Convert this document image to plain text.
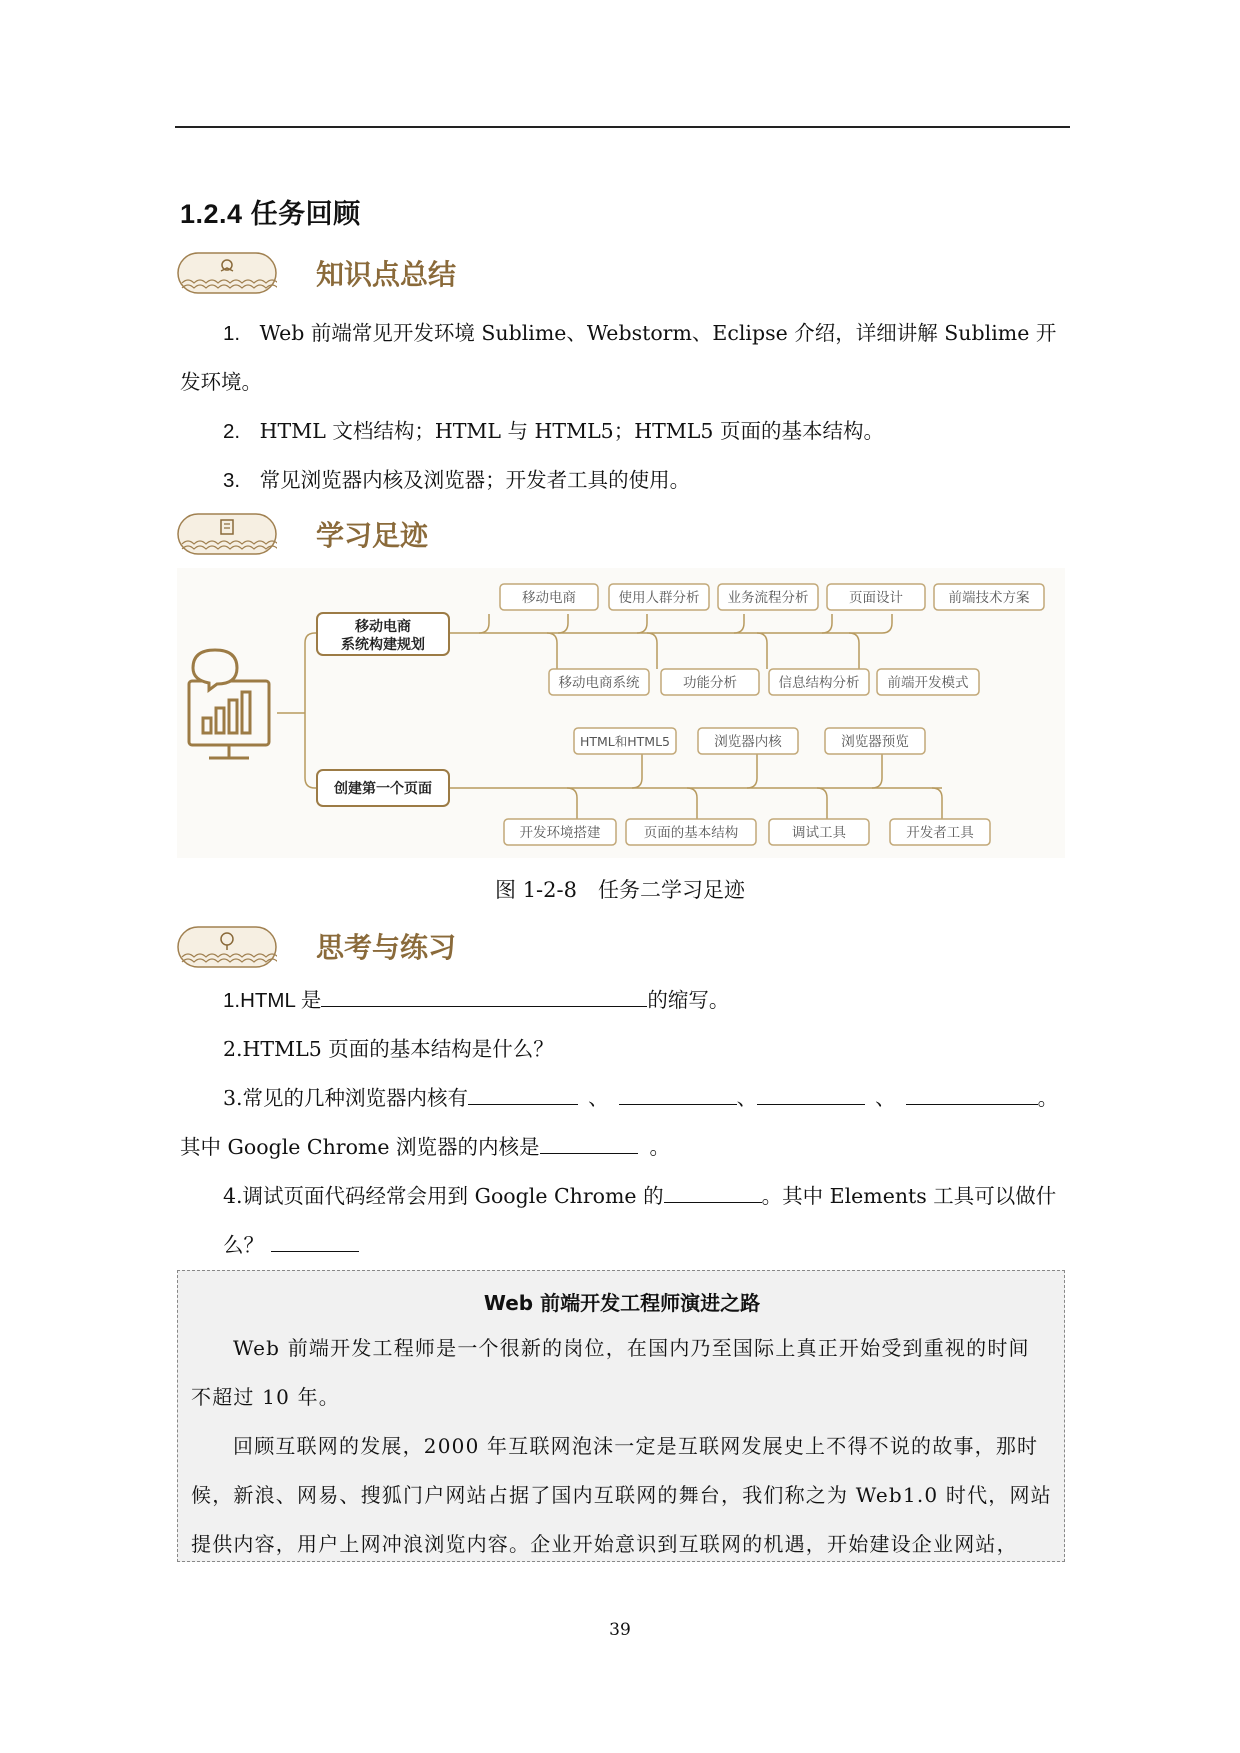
1.2.4 任务回顾
知识点总结
1. Web 前端常见开发环境 Sublime、Webstorm、Eclipse 介绍，详细讲解 Sublime 开
发环境。
2. HTML 文档结构；HTML 与 HTML5；HTML5 页面的基本结构。
3. 常见浏览器内核及浏览器；开发者工具的使用。
学习足迹
移动电商
系统构建规划
创建第一个页面
移动电商	使用人群分析 业务流程分析	页面设计	前端技术方案
移动电商系统	功能分析	信息结构分析 前端开发模式
HTML和HTML5	浏览器内核	浏览器预览
开发环境搭建	页面的基本结构	调试工具	开发者工具
图 1-2-8　任务二学习足迹
思考与练习
1.HTML 是	的缩写。
2.HTML5 页面的基本结构是什么？
3.常见的几种浏览器内核有	、	、	、	。
其中 Google Chrome 浏览器的内核是	。
4.调试页面代码经常会用到 Google Chrome 的	。其中 Elements 工具可以做什
么？
Web 前端开发工程师演进之路
Web 前端开发工程师是一个很新的岗位，在国内乃至国际上真正开始受到重视的时间
不超过 10 年。
回顾互联网的发展，2000 年互联网泡沫一定是互联网发展史上不得不说的故事，那时
候，新浪、网易、搜狐门户网站占据了国内互联网的舞台，我们称之为 Web1.0 时代，网站
提供内容，用户上网冲浪浏览内容。企业开始意识到互联网的机遇，开始建设企业网站，
39
